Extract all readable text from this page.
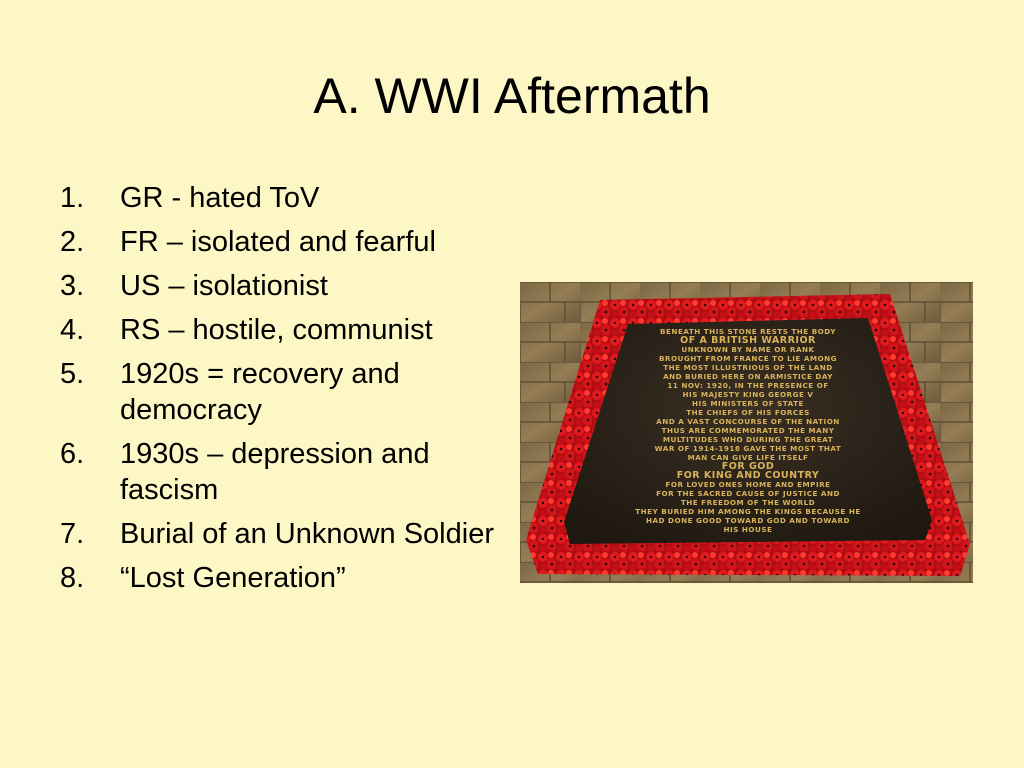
A. WWI Aftermath
1.	GR - hated ToV
2.	FR – isolated and fearful
3.	US – isolationist
4.	RS – hostile, communist
5.	1920s = recovery and democracy
6.	1930s – depression and fascism
7.	Burial of an Unknown Soldier
8.	“Lost Generation”
BENEATH THIS STONE RESTS THE BODY
OF A BRITISH WARRIOR
UNKNOWN BY NAME OR RANK
BROUGHT FROM FRANCE TO LIE AMONG
THE MOST ILLUSTRIOUS OF THE LAND
AND BURIED HERE ON ARMISTICE DAY
11 NOV: 1920, IN THE PRESENCE OF
HIS MAJESTY KING GEORGE V
HIS MINISTERS OF STATE
THE CHIEFS OF HIS FORCES
AND A VAST CONCOURSE OF THE NATION
THUS ARE COMMEMORATED THE MANY
MULTITUDES WHO DURING THE GREAT
WAR OF 1914-1918 GAVE THE MOST THAT
MAN CAN GIVE LIFE ITSELF
FOR GOD
FOR KING AND COUNTRY
FOR LOVED ONES HOME AND EMPIRE
FOR THE SACRED CAUSE OF JUSTICE AND
THE FREEDOM OF THE WORLD
THEY BURIED HIM AMONG THE KINGS BECAUSE HE
HAD DONE GOOD TOWARD GOD AND TOWARD
HIS HOUSE
